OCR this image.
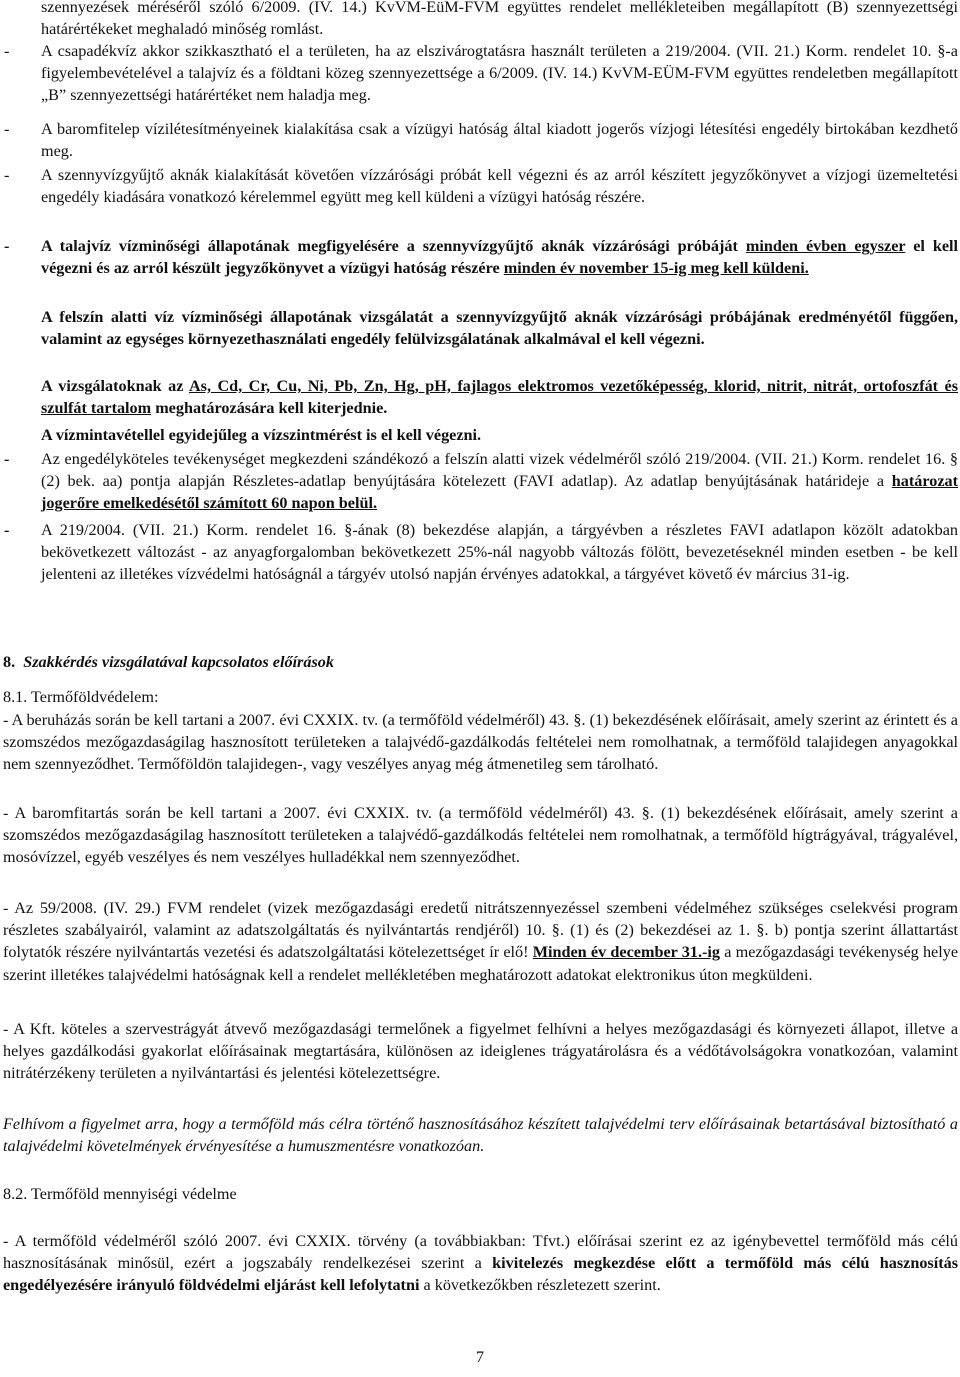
szennyezések méréséről szóló 6/2009. (IV. 14.) KvVM-EüM-FVM együttes rendelet mellékleteiben megállapított (B) szennyezettségi határértékeket meghaladó minőség romlást.
-	A csapadékvíz akkor szikkasztható el a területen, ha az elszivárogtatásra használt területen a 219/2004. (VII. 21.) Korm. rendelet 10. §-a figyelembevételével a talajvíz és a földtani közeg szennyezettsége a 6/2009. (IV. 14.) KvVM-EÜM-FVM együttes rendeletben megállapított „B” szennyezettségi határértéket nem haladja meg.
-	A baromfitelep vízilétesítményeinek kialakítása csak a vízügyi hatóság által kiadott jogerős vízjogi létesítési engedély birtokában kezdhető meg.
-	A szennyvízgyűjtő aknák kialakítását követően vízzárósági próbát kell végezni és az arról készített jegyzőkönyvet a vízjogi üzemeltetési engedély kiadására vonatkozó kérelemmel együtt meg kell küldeni a vízügyi hatóság részére.
-	A talajvíz vízminőségi állapotának megfigyelésére a szennyvízgyűjtő aknák vízzárósági próbáját minden évben egyszer el kell végezni és az arról készült jegyzőkönyvet a vízügyi hatóság részére minden év november 15-ig meg kell küldeni.
A felszín alatti víz vízminőségi állapotának vizsgálatát a szennyvízgyűjtő aknák vízzárósági próbájának eredményétől függően, valamint az egységes környezethasználati engedély felülvizsgálatának alkalmával el kell végezni.
A vizsgálatoknak az As, Cd, Cr, Cu, Ni, Pb, Zn, Hg, pH, fajlagos elektromos vezetőképesség, klorid, nitrit, nitrát, ortofoszfát és szulfát tartalom meghatározására kell kiterjednie.
A vízmintavétellel egyidejűleg a vízszintmérést is el kell végezni.
-	Az engedélyköteles tevékenységet megkezdeni szándékozó a felszín alatti vizek védelméről szóló 219/2004. (VII. 21.) Korm. rendelet 16. § (2) bek. aa) pontja alapján Részletes-adatlap benyújtására kötelezett (FAVI adatlap). Az adatlap benyújtásának határideje a határozat jogerőre emelkedésétől számított 60 napon belül.
-	A 219/2004. (VII. 21.) Korm. rendelet 16. §-ának (8) bekezdése alapján, a tárgyévben a részletes FAVI adatlapon közölt adatokban bekövetkezett változást - az anyagforgalomban bekövetkezett 25%-nál nagyobb változás fölött, bevezetéseknél minden esetben - be kell jelenteni az illetékes vízvédelmi hatóságnál a tárgyév utolsó napján érvényes adatokkal, a tárgyévet követő év március 31-ig.
8. Szakkérdés vizsgálatával kapcsolatos előírások
8.1. Termőföldvédelem:
- A beruházás során be kell tartani a 2007. évi CXXIX. tv. (a termőföld védelméről) 43. §. (1) bekezdésének előírásait, amely szerint az érintett és a szomszédos mezőgazdaságilag hasznosított területeken a talajvédő-gazdálkodás feltételei nem romolhatnak, a termőföld talajidegen anyagokkal nem szennyeződhet. Termőföldön talajidegen-, vagy veszélyes anyag még átmenetileg sem tárolható.
- A baromfitartás során be kell tartani a 2007. évi CXXIX. tv. (a termőföld védelméről) 43. §. (1) bekezdésének előírásait, amely szerint a szomszédos mezőgazdaságilag hasznosított területeken a talajvédő-gazdálkodás feltételei nem romolhatnak, a termőföld hígtrágyával, trágyalével, mosóvízzel, egyéb veszélyes és nem veszélyes hulladékkal nem szennyeződhet.
- Az 59/2008. (IV. 29.) FVM rendelet (vizek mezőgazdasági eredetű nitrátszennyezéssel szembeni védelméhez szükséges cselekvési program részletes szabályairól, valamint az adatszolgáltatás és nyilvántartás rendjéről) 10. §. (1) és (2) bekezdései az 1. §. b) pontja szerint állattartást folytatók részére nyilvántartás vezetési és adatszolgáltatási kötelezettséget ír elő! Minden év december 31.-ig a mezőgazdasági tevékenység helye szerint illetékes talajvédelmi hatóságnak kell a rendelet mellékletében meghatározott adatokat elektronikus úton megküldeni.
- A Kft. köteles a szervestrágyát átvevő mezőgazdasági termelőnek a figyelmet felhívni a helyes mezőgazdasági és környezeti állapot, illetve a helyes gazdálkodási gyakorlat előírásainak megtartására, különösen az ideiglenes trágyatárolásra és a védőtávolságokra vonatkozóan, valamint nitrátérzékeny területen a nyilvántartási és jelentési kötelezettségre.
Felhívom a figyelmet arra, hogy a termőföld más célra történő hasznosításához készített talajvédelmi terv előírásainak betartásával biztosítható a talajvédelmi követelmények érvényesítése a humuszmentésre vonatkozóan.
8.2. Termőföld mennyiségi védelme
- A termőföld védelméről szóló 2007. évi CXXIX. törvény (a továbbiakban: Tfvt.) előírásai szerint ez az igénybevettel termőföld más célú hasznosításának minősül, ezért a jogszabály rendelkezései szerint a kivitelezés megkezdése előtt a termőföld más célú hasznosítás engedélyezésére irányuló földvédelmi eljárást kell lefolytatni a következőkben részletezett szerint.
7
